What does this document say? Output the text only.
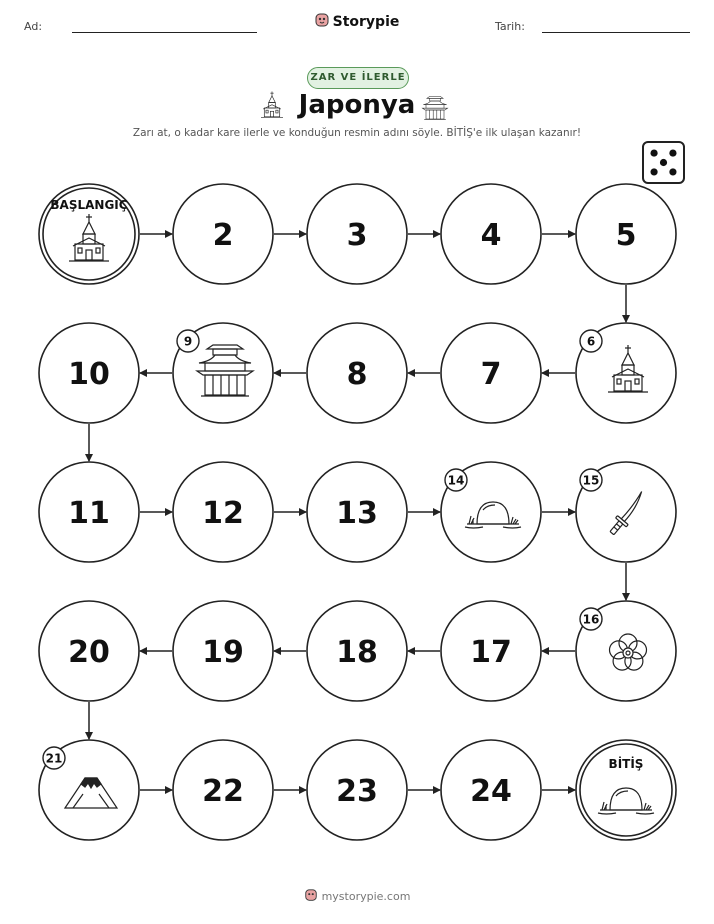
Ad:	Storypie	Tarih:
ZAR VE İLERLE
Japonya
Zarı at, o kadar kare ilerle ve konduğun resmin adını söyle. BİTİŞ'e ilk ulaşan kazanır!
BAŞLANGIÇ
2	3	4	5
6
7
8
9
10
11	12	13
14	15
16
17
18
19
20
21
22	23	24
BİTİŞ
mystorypie.com
